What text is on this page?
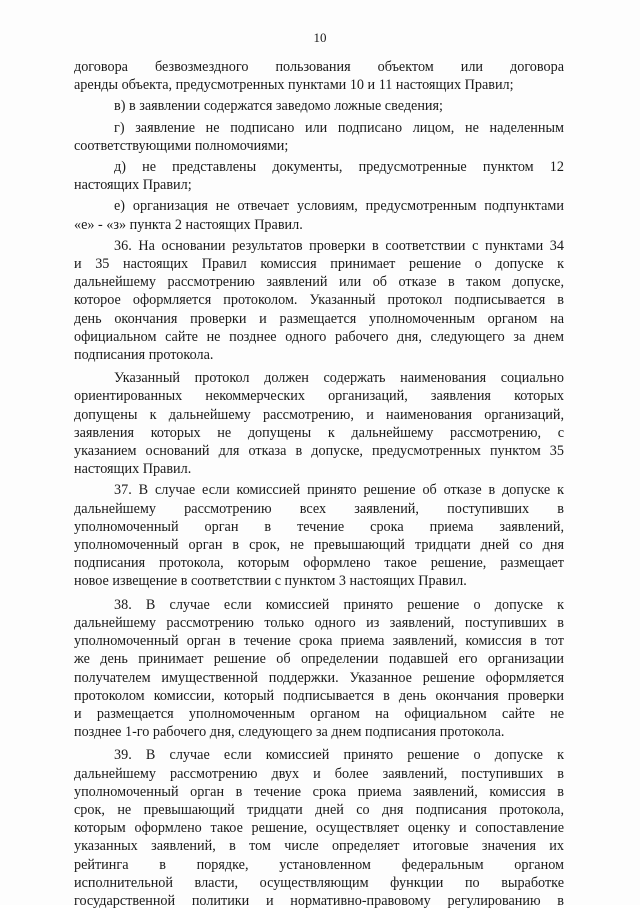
10
договора безвозмездного пользования объектом или договора
аренды объекта, предусмотренных пунктами 10 и 11 настоящих Правил;
в) в заявлении содержатся заведомо ложные сведения;
г) заявление не подписано или подписано лицом, не наделенным
соответствующими полномочиями;
д) не представлены документы, предусмотренные пунктом 12
настоящих Правил;
е) организация не отвечает условиям, предусмотренным подпунктами
«е» - «з» пункта 2 настоящих Правил.
36. На основании результатов проверки в соответствии с пунктами 34
и 35 настоящих Правил комиссия принимает решение о допуске к
дальнейшему рассмотрению заявлений или об отказе в таком допуске,
которое оформляется протоколом. Указанный протокол подписывается в
день окончания проверки и размещается уполномоченным органом на
официальном сайте не позднее одного рабочего дня, следующего за днем
подписания протокола.
Указанный протокол должен содержать наименования социально
ориентированных некоммерческих организаций, заявления которых
допущены к дальнейшему рассмотрению, и наименования организаций,
заявления которых не допущены к дальнейшему рассмотрению, с
указанием оснований для отказа в допуске, предусмотренных пунктом 35
настоящих Правил.
37. В случае если комиссией принято решение об отказе в допуске к
дальнейшему рассмотрению всех заявлений, поступивших в
уполномоченный орган в течение срока приема заявлений,
уполномоченный орган в срок, не превышающий тридцати дней со дня
подписания протокола, которым оформлено такое решение, размещает
новое извещение в соответствии с пунктом 3 настоящих Правил.
38. В случае если комиссией принято решение о допуске к
дальнейшему рассмотрению только одного из заявлений, поступивших в
уполномоченный орган в течение срока приема заявлений, комиссия в тот
же день принимает решение об определении подавшей его организации
получателем имущественной поддержки. Указанное решение оформляется
протоколом комиссии, который подписывается в день окончания проверки
и размещается уполномоченным органом на официальном сайте не
позднее 1-го рабочего дня, следующего за днем подписания протокола.
39. В случае если комиссией принято решение о допуске к
дальнейшему рассмотрению двух и более заявлений, поступивших в
уполномоченный орган в течение срока приема заявлений, комиссия в
срок, не превышающий тридцати дней со дня подписания протокола,
которым оформлено такое решение, осуществляет оценку и сопоставление
указанных заявлений, в том числе определяет итоговые значения их
рейтинга в порядке, установленном федеральным органом
исполнительной власти, осуществляющим функции по выработке
государственной политики и нормативно-правовому регулированию в
